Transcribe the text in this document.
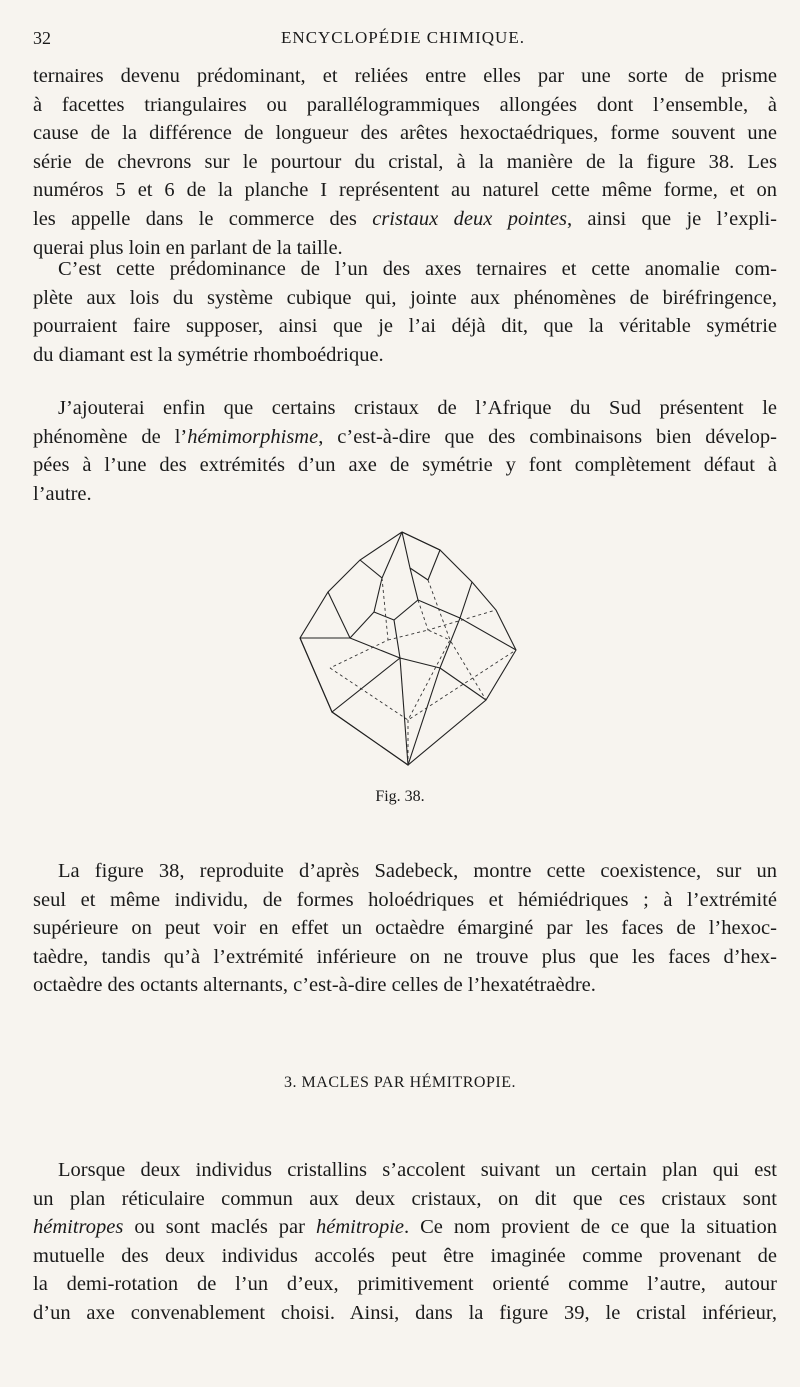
32	ENCYCLOPÉDIE CHIMIQUE.
ternaires devenu prédominant, et reliées entre elles par une sorte de prisme
à facettes triangulaires ou parallélogrammiques allongées dont l’ensemble, à
cause de la différence de longueur des arêtes hexoctaédriques, forme souvent une
série de chevrons sur le pourtour du cristal, à la manière de la figure 38. Les
numéros 5 et 6 de la planche I représentent au naturel cette même forme, et on
les appelle dans le commerce des cristaux deux pointes, ainsi que je l’expli-
querai plus loin en parlant de la taille.
C’est cette prédominance de l’un des axes ternaires et cette anomalie com-
plète aux lois du système cubique qui, jointe aux phénomènes de biréfringence,
pourraient faire supposer, ainsi que je l’ai déjà dit, que la véritable symétrie
du diamant est la symétrie rhomboédrique.
J’ajouterai enfin que certains cristaux de l’Afrique du Sud présentent le
phénomène de l’hémimorphisme, c’est-à-dire que des combinaisons bien dévelop-
pées à l’une des extrémités d’un axe de symétrie y font complètement défaut à
l’autre.
Fig. 38.
La figure 38, reproduite d’après Sadebeck, montre cette coexistence, sur un
seul et même individu, de formes holoédriques et hémiédriques ; à l’extrémité
supérieure on peut voir en effet un octaèdre émarginé par les faces de l’hexoc-
taèdre, tandis qu’à l’extrémité inférieure on ne trouve plus que les faces d’hex-
octaèdre des octants alternants, c’est-à-dire celles de l’hexatétraèdre.
3. MACLES PAR HÉMITROPIE.
Lorsque deux individus cristallins s’accolent suivant un certain plan qui est
un plan réticulaire commun aux deux cristaux, on dit que ces cristaux sont
hémitropes ou sont maclés par hémitropie. Ce nom provient de ce que la situation
mutuelle des deux individus accolés peut être imaginée comme provenant de
la demi-rotation de l’un d’eux, primitivement orienté comme l’autre, autour
d’un axe convenablement choisi. Ainsi, dans la figure 39, le cristal inférieur,
